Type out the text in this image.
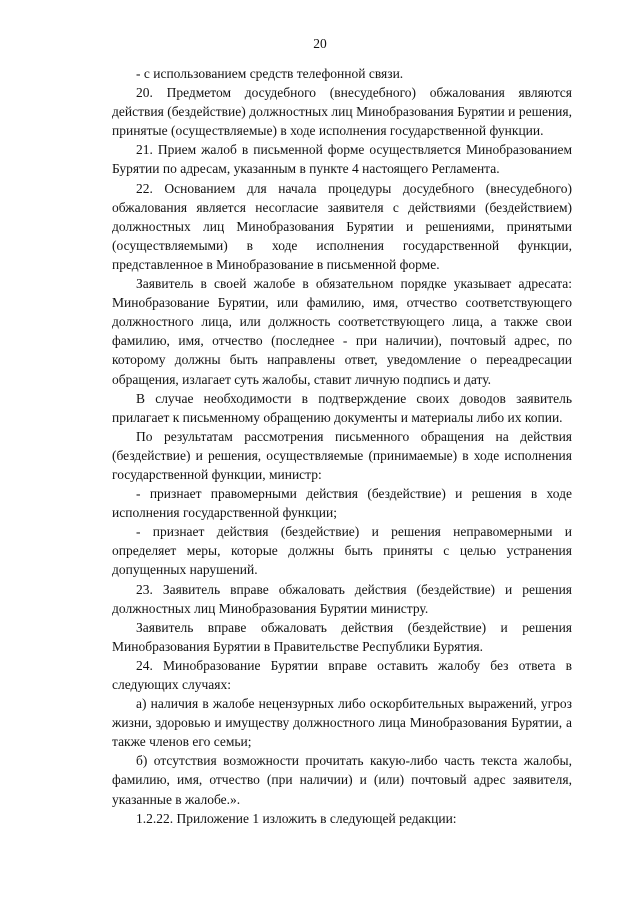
20

- с использованием средств телефонной связи.

20. Предметом досудебного (внесудебного) обжалования являются действия (бездействие) должностных лиц Минобразования Бурятии и решения, принятые (осуществляемые) в ходе исполнения государственной функции.

21. Прием жалоб в письменной форме осуществляется Минобразованием Бурятии по адресам, указанным в пункте 4 настоящего Регламента.

22. Основанием для начала процедуры досудебного (внесудебного) обжалования является несогласие заявителя с действиями (бездействием) должностных лиц Минобразования Бурятии и решениями, принятыми (осуществляемыми) в ходе исполнения государственной функции, представленное в Минобразование в письменной форме.

Заявитель в своей жалобе в обязательном порядке указывает адресата: Минобразование Бурятии, или фамилию, имя, отчество соответствующего должностного лица, или должность соответствующего лица, а также свои фамилию, имя, отчество (последнее - при наличии), почтовый адрес, по которому должны быть направлены ответ, уведомление о переадресации обращения, излагает суть жалобы, ставит личную подпись и дату.

В случае необходимости в подтверждение своих доводов заявитель прилагает к письменному обращению документы и материалы либо их копии.

По результатам рассмотрения письменного обращения на действия (бездействие) и решения, осуществляемые (принимаемые) в ходе исполнения государственной функции, министр:

- признает правомерными действия (бездействие) и решения в ходе исполнения государственной функции;

- признает действия (бездействие) и решения неправомерными и определяет меры, которые должны быть приняты с целью устранения допущенных нарушений.

23. Заявитель вправе обжаловать действия (бездействие) и решения должностных лиц Минобразования Бурятии министру.

Заявитель вправе обжаловать действия (бездействие) и решения Минобразования Бурятии в Правительстве Республики Бурятия.

24. Минобразование Бурятии вправе оставить жалобу без ответа в следующих случаях:

а) наличия в жалобе нецензурных либо оскорбительных выражений, угроз жизни, здоровью и имуществу должностного лица Минобразования Бурятии, а также членов его семьи;

б) отсутствия возможности прочитать какую-либо часть текста жалобы, фамилию, имя, отчество (при наличии) и (или) почтовый адрес заявителя, указанные в жалобе.».

1.2.22. Приложение 1 изложить в следующей редакции:
